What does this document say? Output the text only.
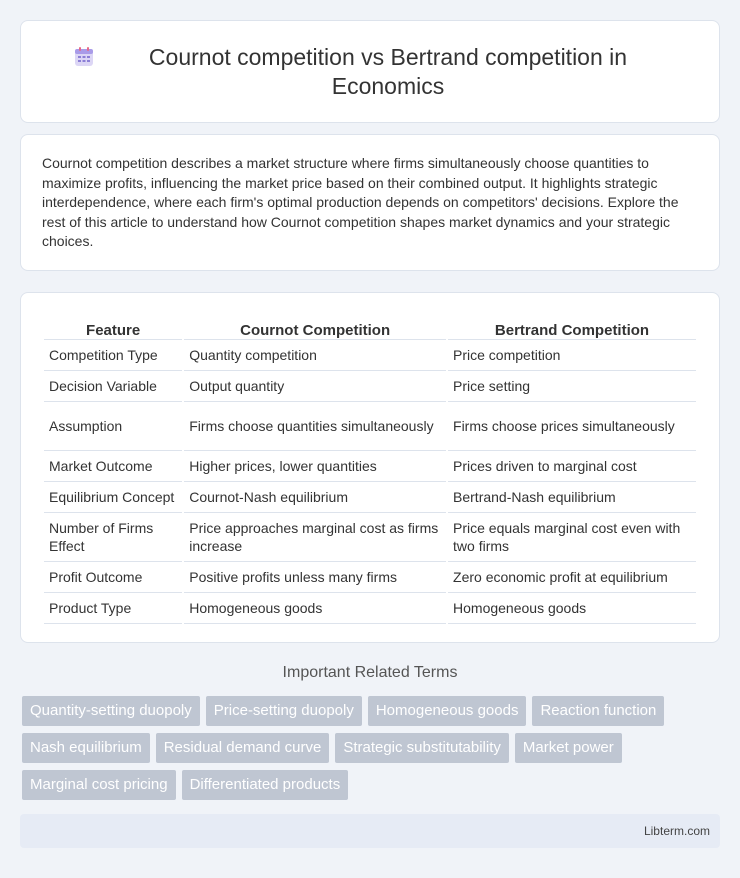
Cournot competition vs Bertrand competition in Economics

Cournot competition describes a market structure where firms simultaneously choose quantities to maximize profits, influencing the market price based on their combined output. It highlights strategic interdependence, where each firm's optimal production depends on competitors' decisions. Explore the rest of this article to understand how Cournot competition shapes market dynamics and your strategic choices.

Feature	Cournot Competition	Bertrand Competition
Competition Type	Quantity competition	Price competition
Decision Variable	Output quantity	Price setting
Assumption	Firms choose quantities simultaneously	Firms choose prices simultaneously
Market Outcome	Higher prices, lower quantities	Prices driven to marginal cost
Equilibrium Concept	Cournot-Nash equilibrium	Bertrand-Nash equilibrium
Number of Firms Effect	Price approaches marginal cost as firms increase	Price equals marginal cost even with two firms
Profit Outcome	Positive profits unless many firms	Zero economic profit at equilibrium
Product Type	Homogeneous goods	Homogeneous goods
Important Related Terms
Quantity-setting duopoly	Price-setting duopoly	Homogeneous goods	Reaction function
Nash equilibrium	Residual demand curve	Strategic substitutability	Market power
Marginal cost pricing	Differentiated products
Libterm.com
